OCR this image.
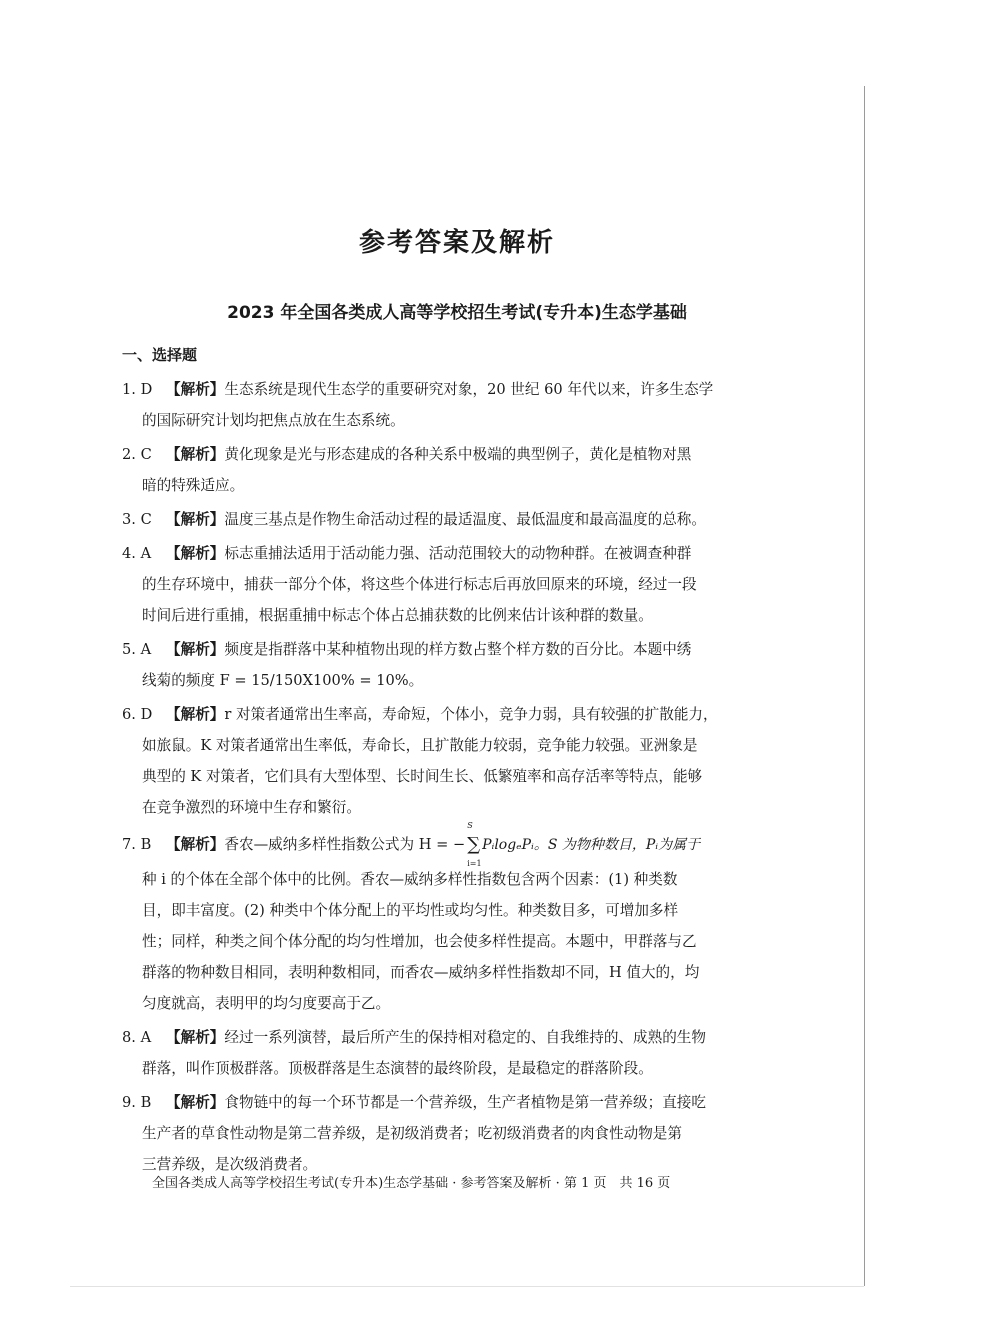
参考答案及解析
2023 年全国各类成人高等学校招生考试(专升本)生态学基础
一、选择题
1. D 【解析】生态系统是现代生态学的重要研究对象，20 世纪 60 年代以来，许多生态学
的国际研究计划均把焦点放在生态系统。
2. C 【解析】黄化现象是光与形态建成的各种关系中极端的典型例子，黄化是植物对黑
暗的特殊适应。
3. C 【解析】温度三基点是作物生命活动过程的最适温度、最低温度和最高温度的总称。
4. A 【解析】标志重捕法适用于活动能力强、活动范围较大的动物种群。在被调查种群
的生存环境中，捕获一部分个体，将这些个体进行标志后再放回原来的环境，经过一段
时间后进行重捕，根据重捕中标志个体占总捕获数的比例来估计该种群的数量。
5. A 【解析】频度是指群落中某种植物出现的样方数占整个样方数的百分比。本题中绣
线菊的频度 F = 15/150X100% = 10%。
6. D 【解析】r 对策者通常出生率高，寿命短，个体小，竞争力弱，具有较强的扩散能力，
如旅鼠。K 对策者通常出生率低，寿命长，且扩散能力较弱，竞争能力较强。亚洲象是
典型的 K 对策者，它们具有大型体型、长时间生长、低繁殖率和高存活率等特点，能够
在竞争激烈的环境中生存和繁衍。
7. B 【解析】香农—威纳多样性指数公式为 H = − ∑
S
i=1
PᵢlogₑPᵢ。S 为物种数目，Pᵢ为属于
种 i 的个体在全部个体中的比例。香农—威纳多样性指数包含两个因素：(1) 种类数
目，即丰富度。(2) 种类中个体分配上的平均性或均匀性。种类数目多，可增加多样
性；同样，种类之间个体分配的均匀性增加，也会使多样性提高。本题中，甲群落与乙
群落的物种数目相同，表明种数相同，而香农—威纳多样性指数却不同，H 值大的，均
匀度就高，表明甲的均匀度要高于乙。
8. A 【解析】经过一系列演替，最后所产生的保持相对稳定的、自我维持的、成熟的生物
群落，叫作顶极群落。顶极群落是生态演替的最终阶段，是最稳定的群落阶段。
9. B 【解析】食物链中的每一个环节都是一个营养级，生产者植物是第一营养级；直接吃
生产者的草食性动物是第二营养级，是初级消费者；吃初级消费者的肉食性动物是第
三营养级，是次级消费者。
全国各类成人高等学校招生考试(专升本)生态学基础 · 参考答案及解析 · 第 1 页　共 16 页
